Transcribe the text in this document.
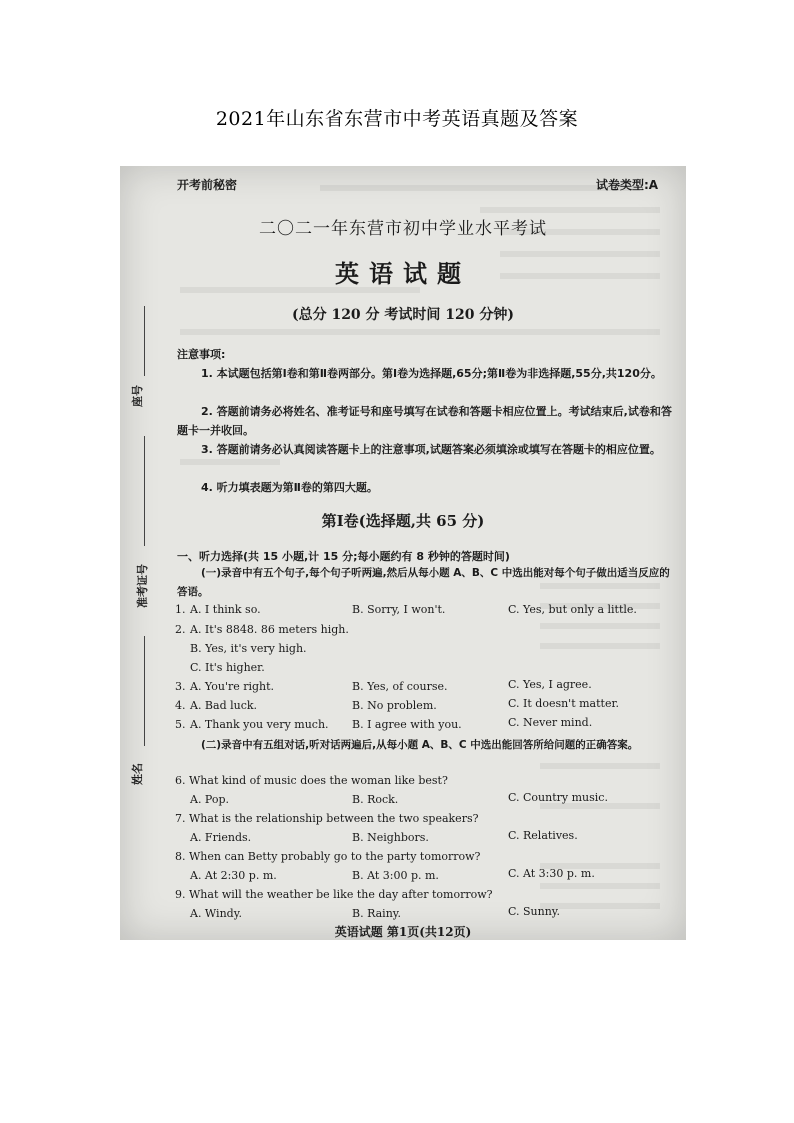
2021年山东省东营市中考英语真题及答案
座号
准考证号
姓名
开考前秘密	试卷类型:A
二〇二一年东营市初中学业水平考试
英语试题
(总分 120 分 考试时间 120 分钟)
注意事项:
1. 本试题包括第Ⅰ卷和第Ⅱ卷两部分。第Ⅰ卷为选择题,65分;第Ⅱ卷为非选择题,55分,共120分。
2. 答题前请务必将姓名、准考证号和座号填写在试卷和答题卡相应位置上。考试结束后,试卷和答题卡一并收回。
3. 答题前请务必认真阅读答题卡上的注意事项,试题答案必须填涂或填写在答题卡的相应位置。
4. 听力填表题为第Ⅱ卷的第四大题。
第Ⅰ卷(选择题,共 65 分)
一、听力选择(共 15 小题,计 15 分;每小题约有 8 秒钟的答题时间)
(一)录音中有五个句子,每个句子听两遍,然后从每小题 A、B、C 中选出能对每个句子做出适当反应的答语。
1. A. I think so.	B. Sorry, I won't.	C. Yes, but only a little.
2. A. It's 8848. 86 meters high.
B. Yes, it's very high.
C. It's higher.
3. A. You're right.	B. Yes, of course.	C. Yes, I agree.
4. A. Bad luck.	B. No problem.	C. It doesn't matter.
5. A. Thank you very much. B. I agree with you.	C. Never mind.
(二)录音中有五组对话,听对话两遍后,从每小题 A、B、C 中选出能回答所给问题的正确答案。
6. What kind of music does the woman like best?
A. Pop.	B. Rock.	C. Country music.
7. What is the relationship between the two speakers?
A. Friends.	B. Neighbors.	C. Relatives.
8. When can Betty probably go to the party tomorrow?
A. At 2:30 p. m.	B. At 3:00 p. m.	C. At 3:30 p. m.
9. What will the weather be like the day after tomorrow?
A. Windy.	B. Rainy.	C. Sunny.
英语试题 第1页(共12页)
